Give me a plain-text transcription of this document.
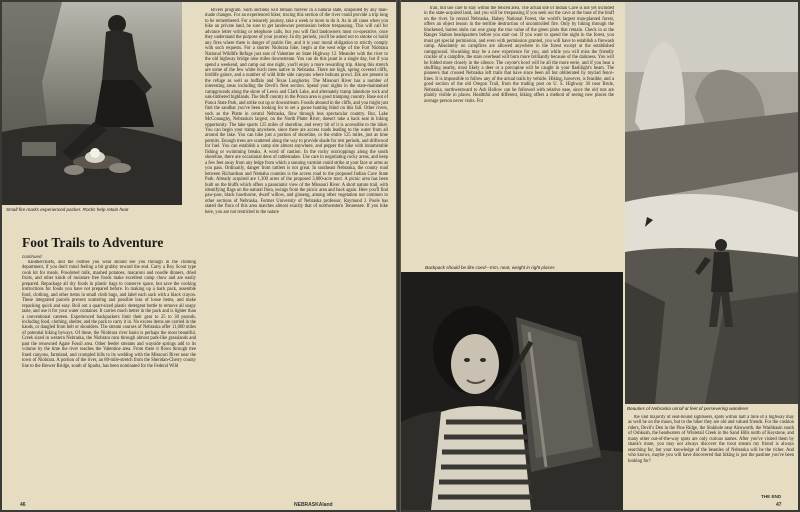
Small fire marks experienced packer. Rocks help retain heat
Foot Trails to Adventure
continued

handkerchiefs, and the clothes you wear should see you through in the clothing department, if you don't mind feeling a bit grubby toward the end. Carry a Boy Scout type cook kit for meals. Powdered milk, mashed potatoes, macaroni and noodle dinners, dried fruits, and other kinds of moisture free foods make excellent camp chow and are easily prepared. Repackage all dry foods in plastic bags to conserve space, but save the cooking instructions for foods you have not prepared before. In making up a back pack, assemble food, clothing, and other items in small cloth bags, and label each sack with a black crayon. These integrated parcels prevent scattering and possible loss of loose items, and make repacking quick and easy. Boil out a quart-sized plastic detergent bottle to remove all soapy taste, and use it for your water container. It carries much better in the pack and is lighter than a conventional canteen. Experienced backpackers limit their gear to 25 to 30 pounds, including food, clothing, shelter, and the pack to carry it in. No excess items are carried in the hands, or dangled from belt or shoulders. The stream courses of Nebraska offer 11,000 miles of potential hiking byways. Of these, the Niobrara river basin is perhaps the most beautiful. Creek sized in western Nebraska, the Niobrara runs through almost park-like grasslands and past the renowned Agate Fossil area. Other feeder streams and wayside springs add to its volume by the time the river reaches the Valentine area. From there it flows through tree lined canyons, farmland, and crumpled hills to its wedding with the Missouri River near the town of Niobrara. A portion of the river, an 80-mile-stretch from the Sheridan-Cherry county line to the Brewer Bridge, south of Sparks, has been nominated for the Federal Wild

Rivers program. Such sections will remain forever in a natural state, unspoiled by any man-made changes. For an experienced hiker, tracing this section of the river could provide a trip long to be remembered. For a leisurely journey, take a week or more to do it. As in all cases when you hike on private land, be sure to get landowner permission before trespassing. This will call for advance letter writing or telephone calls, but you will find landowners most co-operative, once they understand the purpose of your journey. In dry periods, you'll be asked not to smoke or build any fires where there is danger of prairie fire, and it is your moral obligation to strictly comply with such requests. For a shorter Niobrara hike, begin at the west edge of the Fort Niobrara National Wildlife Refuge just east of Valentine on State Highway 12. Meander with the river to the old highway bridge nine miles downstream. You can do this jaunt in a single day, but if you spend a weekend, and camp out one night, you'll enjoy a more rewarding trip. Along this stretch are some of the few white birch trees native to Nebraska. There are high, spring covered cliffs, birdlife galore, and a number of wild little side canyons where bobcats prowl. Elk are present in the refuge as well as buffalo and Texas Longhorns. The Missouri River has a number of interesting areas including the Devil's Nest section. Spend your nights in the state-maintained campgrounds along the shore of Lewis and Clark Lake, and alternately tramp lakeshore rock and oak-timbered highlands. The bluff country in the Ponca area is good tramping country. Base out of Ponca State Park, and strike out up or downstream. Fossils abound in the cliffs, and you might just find the sandbar you've been looking for to set a goose hunting blind on this fall. Other rivers, such as the Platte in central Nebraska, flow through less spectacular country. But, Lake McConaughy, Nebraska's largest, on the North Platte River, doesn't take a back seat in hiking opportunity. The lake sports 125 miles of shoreline, and every bit of it is accessible to the hiker. You can begin your tramp anywhere, since there are access roads leading to the water from all around the lake. You can hike just a portion of shoreline, or the entire 125 miles, just as time permits. Enough trees are scattered along the way to provide shade for rest periods, and driftwood for fuel. You can establish a camp site almost anywhere, and pepper the hike with innumerable fishing or swimming breaks. A word of caution. In the rocky outcroppings along the south shoreline, there are occasional dens of rattlesnakes. Use care in negotiating rocky areas, and keep a few feet away from any ledge from which a sunning varmint could strike at your face or arms as you pass. Ordinarily, danger from rattlers is not great. In southeast Nebraska, the county road between Richardson and Nemaha counties is the access road to the proposed Indian Cave State Park. Already acquired are 1,300 acres of the proposed 3,000-acre tract. A picnic area has been built on the bluffs which offers a panoramic view of the Missouri River. A short nature trail, with identifying flags on the natural flora, swings from the picnic area and back again. Here you'll find paw-paw, black hawthorne, dwarf willow, and ginseng, among other vegetation not common to other sections of Nebraska. Former University of Nebraska professor, Raymond J. Poole has stated the flora of this area matches almost exactly that of northwestern Tennessee. If you hike here, you are not restricted to the nature

46	NEBRASKAland

trail, but use care to stay within the fenced area. The actual site of Indian Cave is not yet included in the state-acquired land, and you will be trespassing if you seek out the cave at the base of the bluff on the river. In central Nebraska, Halsey National Forest, the world's largest man-planted forest, offers an object lesson in the terrible destruction of uncontrolled fire. Only by hiking through the blackened, barren stubs can one grasp the true value of the green plots that remain. Check in at the Ranger Station headquarters before you start out. If you want to spend the night in the forest, you must get special permission, and even with permission granted, you will have to establish a firewash camp. Absolutely no campfires are allowed anywhere in the forest except at the established campground. Siwashing may be a new experience for you, and while you will miss the friendly crackle of a campfire, the stars overhead will burn more brilliantly because of the darkness. You will be folded more closely in the silence. The coyote's howl will be all the more eerie, and if you hear a shuffling nearby, most likely a deer or a porcupine will be caught in your flashlight's beam. The pioneers that crossed Nebraska left trails that have since been all but obliterated by myriad fence-lines. It is impossible to follow any of the actual trails by vehicle. Hiking, however, is feasible, and a good section of the old Oregon Trail, from the trading post on U. S. Highway 30 near Brule, Nebraska, northwestward to Ash Hollow can be followed with relative ease, since the old ruts are plainly visible in places. Healthful and different, hiking offers a method of seeing new places the average person never visits. For

Backpack should be like coed—trim, neat, weight in right places
Beauties of Nebraska unroll at feet of persevering wanderer

the vast majority of seat-bound sightseers, spots within half a mile of a highway may as well be on the moon, but to the hiker they are old and valued friends. For the cushion riders, Devil's Den in the Pine Ridge, the Sinkhole near Ainsworth, the Washbasin south of Oshkoah, the headwaters of Whitetail Creek in the Sand Hills north of Keystone, and many other out-of-the-way spots are only curious names. After you've visited them by shank's mare, you may not always discover the trout stream my friend is always searching for, but your knowledge of the beauties of Nebraska will be the richer. And who knows, maybe you will have discovered that hiking is just the pastime you've been looking for?

THE END
47
